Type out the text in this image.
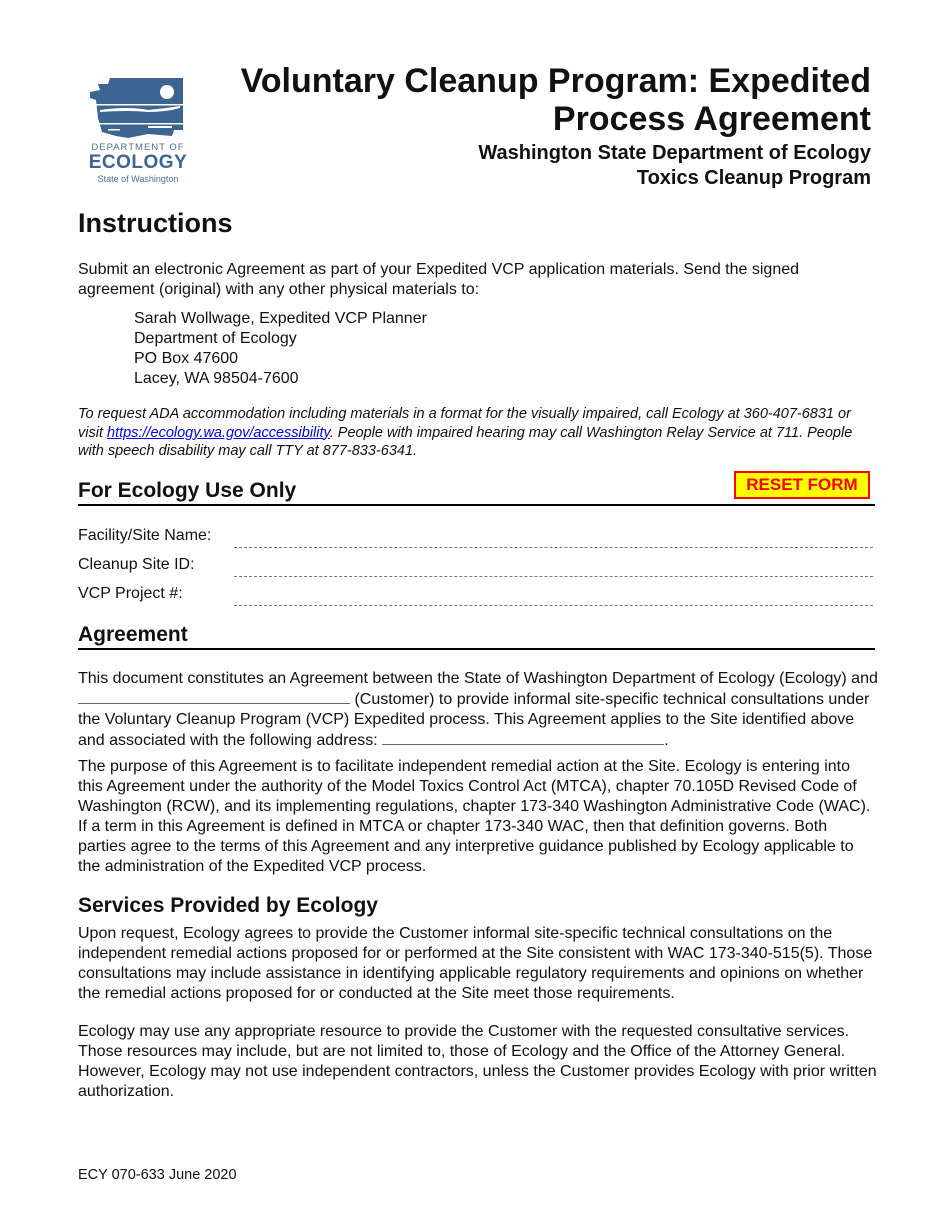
DEPARTMENT OF
ECOLOGY
State of Washington
Voluntary Cleanup Program: Expedited
Process Agreement
Washington State Department of Ecology
Toxics Cleanup Program
Instructions
Submit an electronic Agreement as part of your Expedited VCP application materials. Send the signed agreement (original) with any other physical materials to:
Sarah Wollwage, Expedited VCP Planner
Department of Ecology
PO Box 47600
Lacey, WA 98504-7600
To request ADA accommodation including materials in a format for the visually impaired, call Ecology at 360-407-6831 or visit https://ecology.wa.gov/accessibility. People with impaired hearing may call Washington Relay Service at 711. People with speech disability may call TTY at 877-833-6341.
For Ecology Use Only	RESET FORM
Facility/Site Name:
Cleanup Site ID:
VCP Project #:
Agreement
This document constitutes an Agreement between the State of Washington Department of Ecology (Ecology) and  (Customer) to provide informal site-specific technical consultations under the Voluntary Cleanup Program (VCP) Expedited process. This Agreement applies to the Site identified above and associated with the following address:	.
The purpose of this Agreement is to facilitate independent remedial action at the Site. Ecology is entering into this Agreement under the authority of the Model Toxics Control Act (MTCA), chapter 70.105D Revised Code of Washington (RCW), and its implementing regulations, chapter 173-340 Washington Administrative Code (WAC). If a term in this Agreement is defined in MTCA or chapter 173-340 WAC, then that definition governs. Both parties agree to the terms of this Agreement and any interpretive guidance published by Ecology applicable to the administration of the Expedited VCP process.
Services Provided by Ecology
Upon request, Ecology agrees to provide the Customer informal site-specific technical consultations on the independent remedial actions proposed for or performed at the Site consistent with WAC 173-340-515(5). Those consultations may include assistance in identifying applicable regulatory requirements and opinions on whether the remedial actions proposed for or conducted at the Site meet those requirements.
Ecology may use any appropriate resource to provide the Customer with the requested consultative services. Those resources may include, but are not limited to, those of Ecology and the Office of the Attorney General. However, Ecology may not use independent contractors, unless the Customer provides Ecology with prior written authorization.
ECY 070-633 June 2020
